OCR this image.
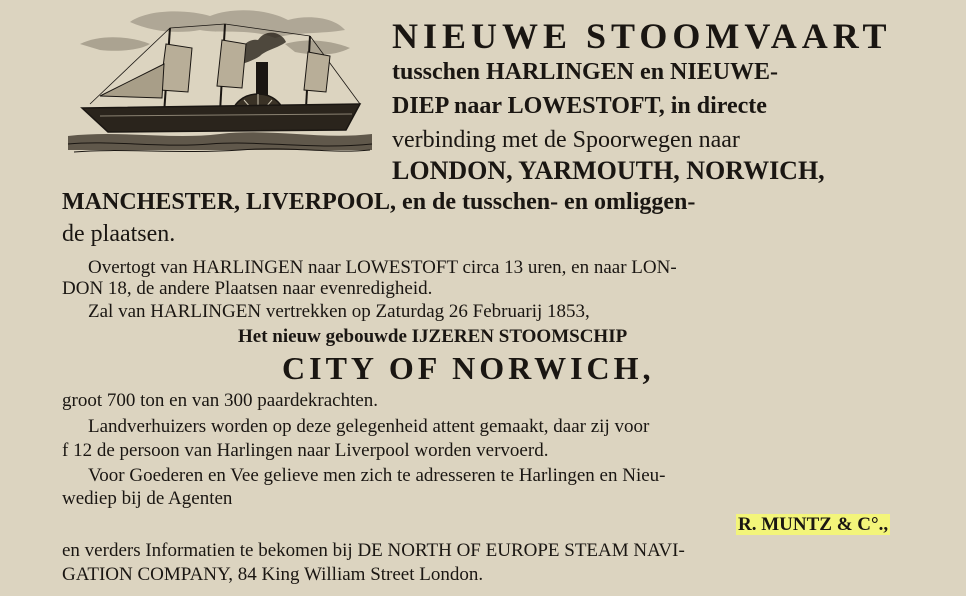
NIEUWE STOOMVAART
tusschen HARLINGEN en NIEUWE-
DIEP naar LOWESTOFT, in directe
verbinding met de Spoorwegen naar
LONDON, YARMOUTH, NORWICH,
MANCHESTER, LIVERPOOL, en de tusschen- en omliggen-
de plaatsen.
Overtogt van HARLINGEN naar LOWESTOFT circa 13 uren, en naar LON-
DON 18, de andere Plaatsen naar evenredigheid.
Zal van HARLINGEN vertrekken op Zaturdag 26 Februarij 1853,
Het nieuw gebouwde IJZEREN STOOMSCHIP
CITY OF NORWICH,
groot 700 ton en van 300 paardekrachten.
Landverhuizers worden op deze gelegenheid attent gemaakt, daar zij voor
f 12 de persoon van Harlingen naar Liverpool worden vervoerd.
Voor Goederen en Vee gelieve men zich te adresseren te Harlingen en Nieu-
wediep bij de Agenten
R. MUNTZ & C°.,
en verders Informatien te bekomen bij DE NORTH OF EUROPE STEAM NAVI-
GATION COMPANY, 84 King William Street London.
